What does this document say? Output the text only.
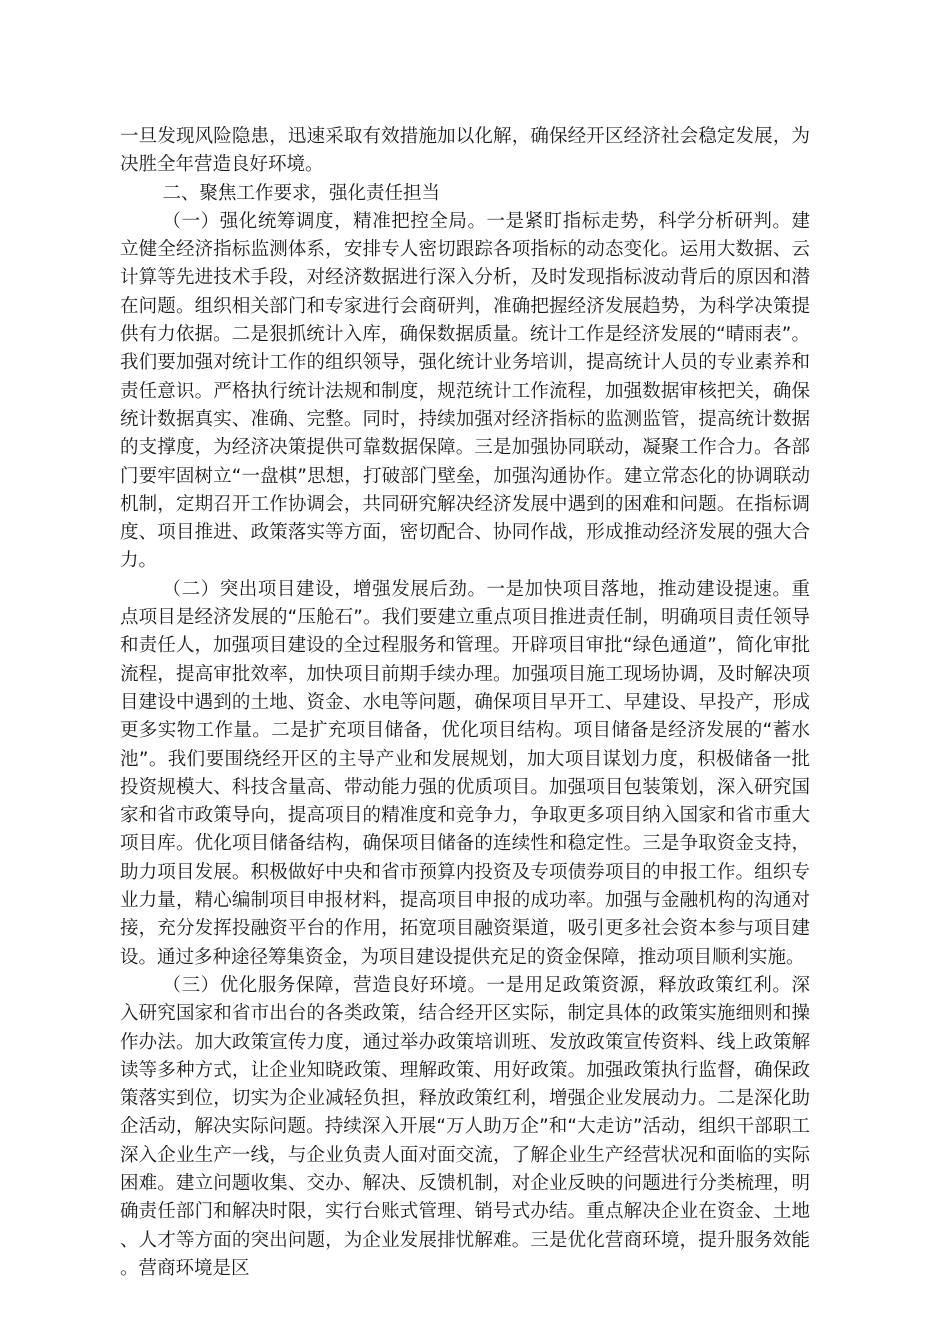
一旦发现风险隐患，迅速采取有效措施加以化解，确保经开区经济社会稳定发展，为决胜全年营造良好环境。

二、聚焦工作要求，强化责任担当

（一）强化统筹调度，精准把控全局。一是紧盯指标走势，科学分析研判。建立健全经济指标监测体系，安排专人密切跟踪各项指标的动态变化。运用大数据、云计算等先进技术手段，对经济数据进行深入分析，及时发现指标波动背后的原因和潜在问题。组织相关部门和专家进行会商研判，准确把握经济发展趋势，为科学决策提供有力依据。二是狠抓统计入库，确保数据质量。统计工作是经济发展的“晴雨表”。我们要加强对统计工作的组织领导，强化统计业务培训，提高统计人员的专业素养和责任意识。严格执行统计法规和制度，规范统计工作流程，加强数据审核把关，确保统计数据真实、准确、完整。同时，持续加强对经济指标的监测监管，提高统计数据的支撑度，为经济决策提供可靠数据保障。三是加强协同联动，凝聚工作合力。各部门要牢固树立“一盘棋”思想，打破部门壁垒，加强沟通协作。建立常态化的协调联动机制，定期召开工作协调会，共同研究解决经济发展中遇到的困难和问题。在指标调度、项目推进、政策落实等方面，密切配合、协同作战，形成推动经济发展的强大合力。

（二）突出项目建设，增强发展后劲。一是加快项目落地，推动建设提速。重点项目是经济发展的“压舱石”。我们要建立重点项目推进责任制，明确项目责任领导和责任人，加强项目建设的全过程服务和管理。开辟项目审批“绿色通道”，简化审批流程，提高审批效率，加快项目前期手续办理。加强项目施工现场协调，及时解决项目建设中遇到的土地、资金、水电等问题，确保项目早开工、早建设、早投产，形成更多实物工作量。二是扩充项目储备，优化项目结构。项目储备是经济发展的“蓄水池”。我们要围绕经开区的主导产业和发展规划，加大项目谋划力度，积极储备一批投资规模大、科技含量高、带动能力强的优质项目。加强项目包装策划，深入研究国家和省市政策导向，提高项目的精准度和竞争力，争取更多项目纳入国家和省市重大项目库。优化项目储备结构，确保项目储备的连续性和稳定性。三是争取资金支持，助力项目发展。积极做好中央和省市预算内投资及专项债券项目的申报工作。组织专业力量，精心编制项目申报材料，提高项目申报的成功率。加强与金融机构的沟通对接，充分发挥投融资平台的作用，拓宽项目融资渠道，吸引更多社会资本参与项目建设。通过多种途径筹集资金，为项目建设提供充足的资金保障，推动项目顺利实施。

（三）优化服务保障，营造良好环境。一是用足政策资源，释放政策红利。深入研究国家和省市出台的各类政策，结合经开区实际，制定具体的政策实施细则和操作办法。加大政策宣传力度，通过举办政策培训班、发放政策宣传资料、线上政策解读等多种方式，让企业知晓政策、理解政策、用好政策。加强政策执行监督，确保政策落实到位，切实为企业减轻负担，释放政策红利，增强企业发展动力。二是深化助企活动，解决实际问题。持续深入开展“万人助万企”和“大走访”活动，组织干部职工深入企业生产一线，与企业负责人面对面交流，了解企业生产经营状况和面临的实际困难。建立问题收集、交办、解决、反馈机制，对企业反映的问题进行分类梳理，明确责任部门和解决时限，实行台账式管理、销号式办结。重点解决企业在资金、土地、人才等方面的突出问题，为企业发展排忧解难。三是优化营商环境，提升服务效能。营商环境是区
